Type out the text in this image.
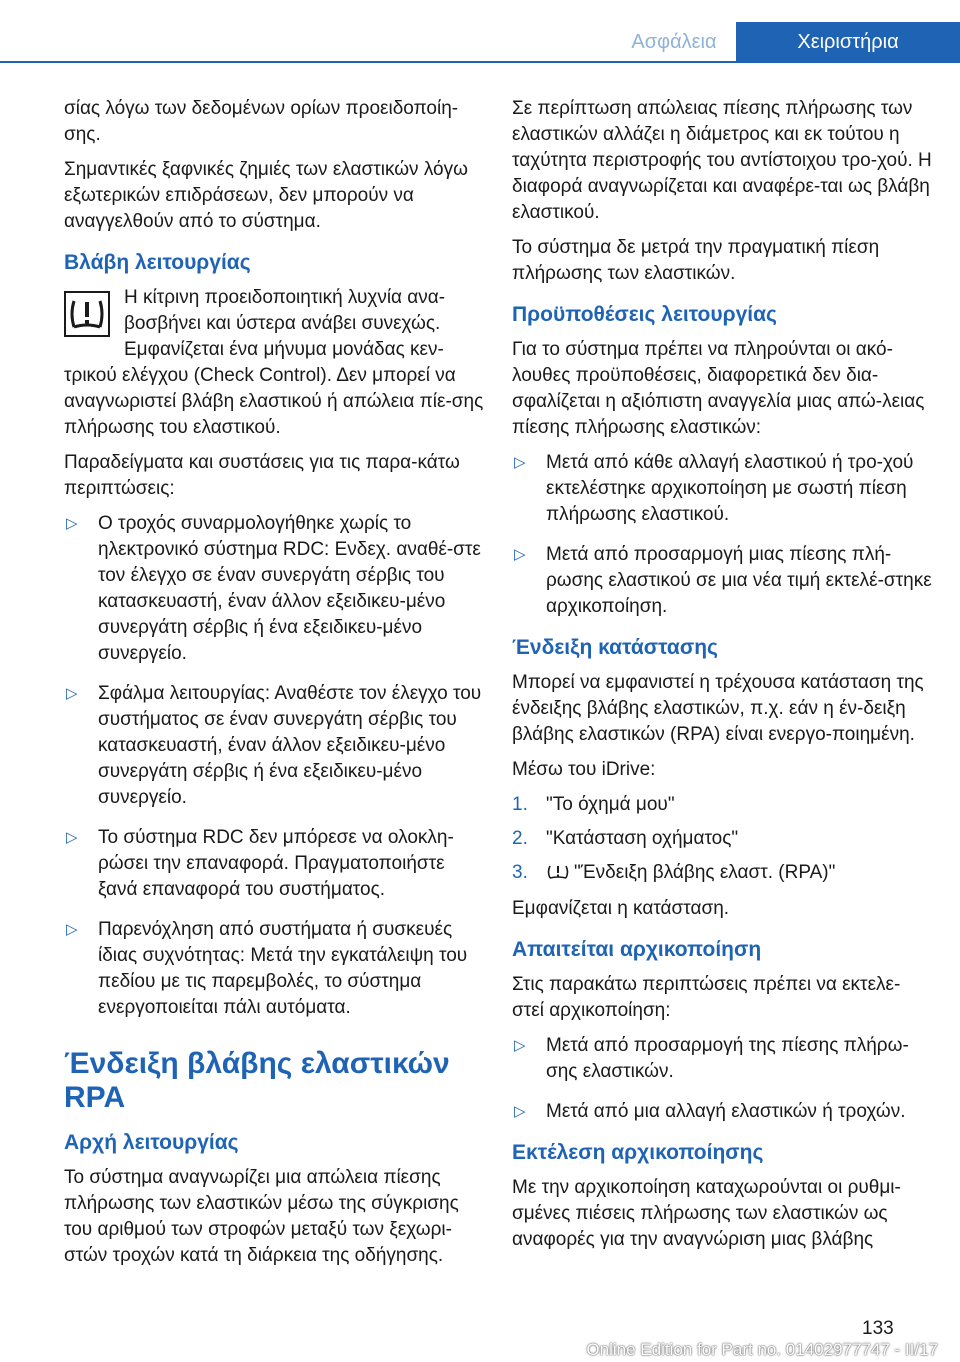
Ασφάλεια	Χειριστήρια

σίας λόγω των δεδομένων ορίων προειδοποίη‐σης.

Σημαντικές ξαφνικές ζημιές των ελαστικών λόγω εξωτερικών επιδράσεων, δεν μπορούν να αναγγελθούν από το σύστημα.

Βλάβη λειτουργίας

Η κίτρινη προειδοποιητική λυχνία ανα‐βοσβήνει και ύστερα ανάβει συνεχώς. Εμφανίζεται ένα μήνυμα μονάδας κεν‐τρικού ελέγχου (Check Control). Δεν μπορεί να αναγνωριστεί βλάβη ελαστικού ή απώλεια πίε‐σης πλήρωσης του ελαστικού.

Παραδείγματα και συστάσεις για τις παρα‐κάτω περιπτώσεις:

▷ Ο τροχός συναρμολογήθηκε χωρίς το ηλεκτρονικό σύστημα RDC: Ενδεχ. αναθέ‐στε τον έλεγχο σε έναν συνεργάτη σέρβις του κατασκευαστή, έναν άλλον εξειδικευ‐μένο συνεργάτη σέρβις ή ένα εξειδικευ‐μένο συνεργείο.
▷ Σφάλμα λειτουργίας: Αναθέστε τον έλεγχο του συστήματος σε έναν συνεργάτη σέρβις του κατασκευαστή, έναν άλλον εξειδικευ‐μένο συνεργάτη σέρβις ή ένα εξειδικευ‐μένο συνεργείο.
▷ Το σύστημα RDC δεν μπόρεσε να ολοκλη‐ρώσει την επαναφορά. Πραγματοποιήστε ξανά επαναφορά του συστήματος.
▷ Παρενόχληση από συστήματα ή συσκευές ίδιας συχνότητας: Μετά την εγκατάλειψη του πεδίου με τις παρεμβολές, το σύστημα ενεργοποιείται πάλι αυτόματα.
Ένδειξη βλάβης ελαστικών RPA
Αρχή λειτουργίας

Το σύστημα αναγνωρίζει μια απώλεια πίεσης πλήρωσης των ελαστικών μέσω της σύγκρισης του αριθμού των στροφών μεταξύ των ξεχωρι‐στών τροχών κατά τη διάρκεια της οδήγησης.

Σε περίπτωση απώλειας πίεσης πλήρωσης των ελαστικών αλλάζει η διάμετρος και εκ τούτου η ταχύτητα περιστροφής του αντίστοιχου τρο‐χού. Η διαφορά αναγνωρίζεται και αναφέρε‐ται ως βλάβη ελαστικού.

Το σύστημα δε μετρά την πραγματική πίεση πλήρωσης των ελαστικών.

Προϋποθέσεις λειτουργίας

Για το σύστημα πρέπει να πληρούνται οι ακό‐λουθες προϋποθέσεις, διαφορετικά δεν δια‐σφαλίζεται η αξιόπιστη αναγγελία μιας απώ‐λειας πίεσης πλήρωσης ελαστικών:

▷ Μετά από κάθε αλλαγή ελαστικού ή τρο‐χού εκτελέστηκε αρχικοποίηση με σωστή πίεση πλήρωσης ελαστικού.
▷ Μετά από προσαρμογή μιας πίεσης πλή‐ρωσης ελαστικού σε μια νέα τιμή εκτελέ‐στηκε αρχικοποίηση.
Ένδειξη κατάστασης

Μπορεί να εμφανιστεί η τρέχουσα κατάσταση της ένδειξης βλάβης ελαστικών, π.χ. εάν η έν‐δειξη βλάβης ελαστικών (RPA) είναι ενεργο‐ποιημένη.

Μέσω του iDrive:

1. "Το όχημά μου"
2. "Κατάσταση οχήματος"
3. "Ένδειξη βλάβης ελαστ. (RPA)"

Εμφανίζεται η κατάσταση.

Απαιτείται αρχικοποίηση

Στις παρακάτω περιπτώσεις πρέπει να εκτελε‐στεί αρχικοποίηση:

▷ Μετά από προσαρμογή της πίεσης πλήρω‐σης ελαστικών.
▷ Μετά από μια αλλαγή ελαστικών ή τροχών.
Εκτέλεση αρχικοποίησης

Με την αρχικοποίηση καταχωρούνται οι ρυθμι‐σμένες πιέσεις πλήρωσης των ελαστικών ως αναφορές για την αναγνώριση μιας βλάβης

133
Online Edition for Part no. 01402977747 - II/17
